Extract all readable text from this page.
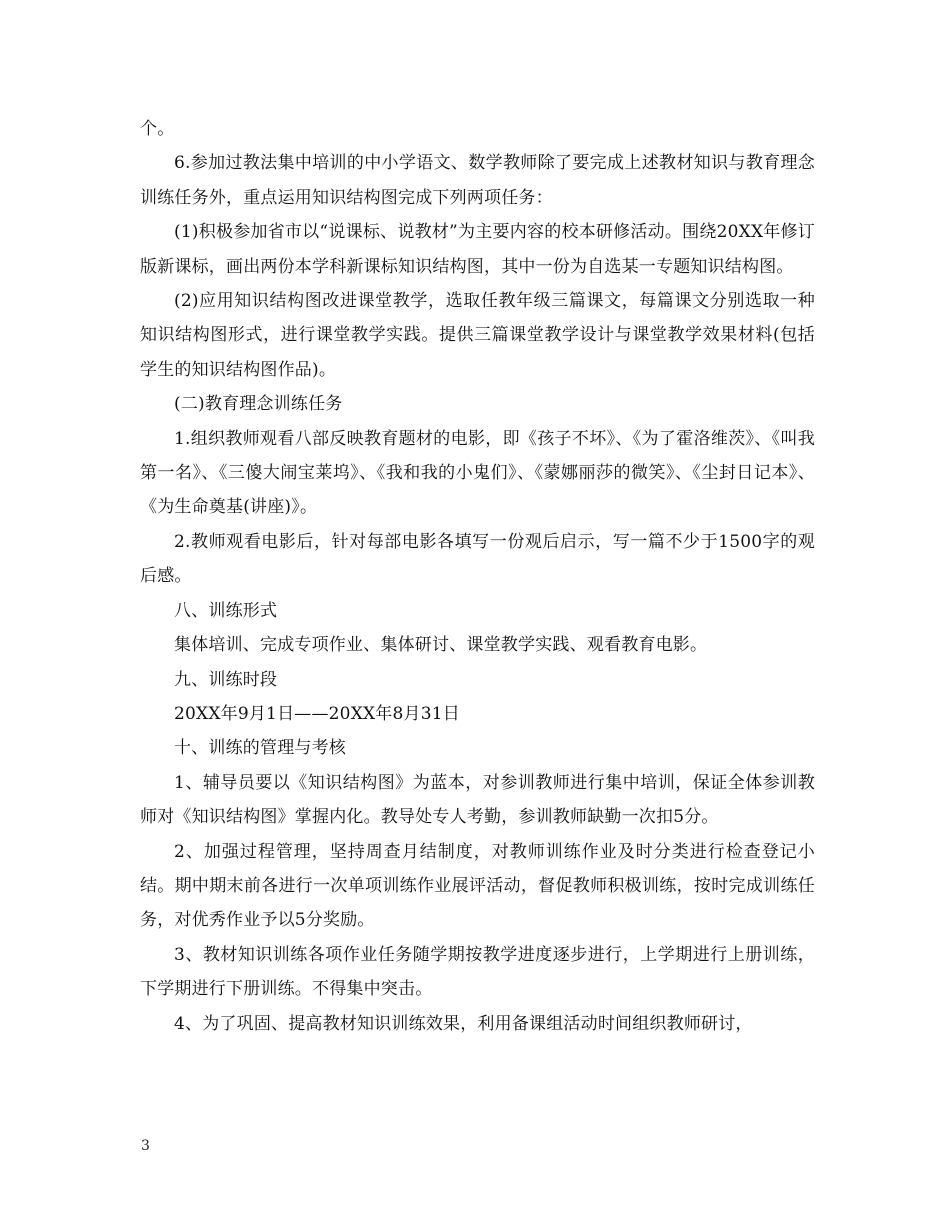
个。

6.参加过教法集中培训的中小学语文、数学教师除了要完成上述教材知识与教育理念训练任务外，重点运用知识结构图完成下列两项任务：

(1)积极参加省市以“说课标、说教材”为主要内容的校本研修活动。围绕20XX年修订版新课标，画出两份本学科新课标知识结构图，其中一份为自选某一专题知识结构图。

(2)应用知识结构图改进课堂教学，选取任教年级三篇课文，每篇课文分别选取一种知识结构图形式，进行课堂教学实践。提供三篇课堂教学设计与课堂教学效果材料(包括学生的知识结构图作品)。

(二)教育理念训练任务

1.组织教师观看八部反映教育题材的电影，即《孩子不坏》、《为了霍洛维茨》、《叫我第一名》、《三傻大闹宝莱坞》、《我和我的小鬼们》、《蒙娜丽莎的微笑》、《尘封日记本》、《为生命奠基(讲座)》。

2.教师观看电影后，针对每部电影各填写一份观后启示，写一篇不少于1500字的观后感。

八、训练形式

集体培训、完成专项作业、集体研讨、课堂教学实践、观看教育电影。

九、训练时段

20XX年9月1日——20XX年8月31日

十、训练的管理与考核

1、辅导员要以《知识结构图》为蓝本，对参训教师进行集中培训，保证全体参训教师对《知识结构图》掌握内化。教导处专人考勤，参训教师缺勤一次扣5分。

2、加强过程管理，坚持周查月结制度，对教师训练作业及时分类进行检查登记小结。期中期末前各进行一次单项训练作业展评活动，督促教师积极训练，按时完成训练任务，对优秀作业予以5分奖励。

3、教材知识训练各项作业任务随学期按教学进度逐步进行，上学期进行上册训练，下学期进行下册训练。不得集中突击。

4、为了巩固、提高教材知识训练效果，利用备课组活动时间组织教师研讨，

3
